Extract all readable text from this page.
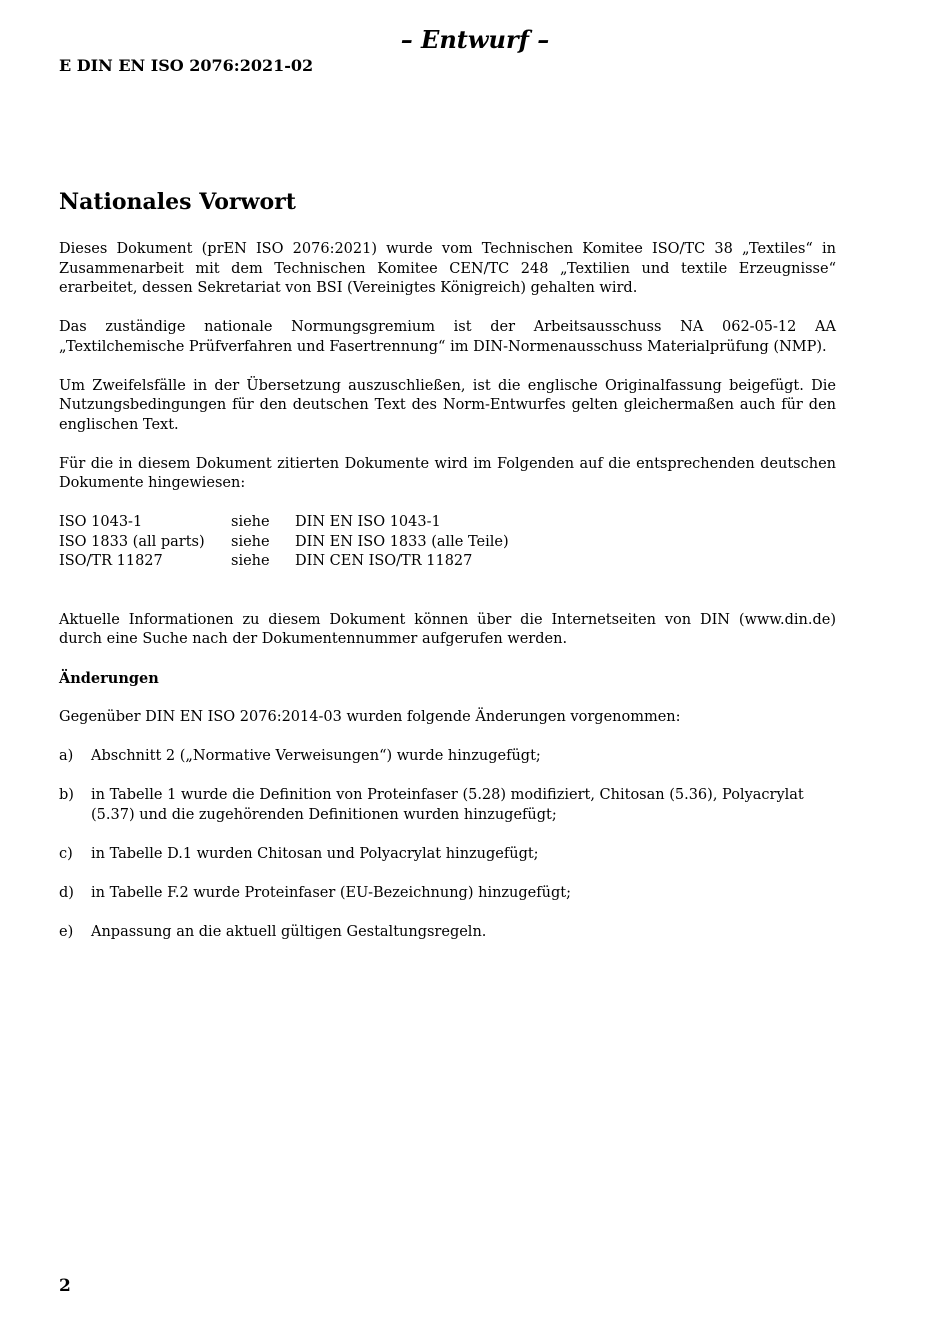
– Entwurf –
E DIN EN ISO 2076:2021-02
Nationales Vorwort

Dieses Dokument (prEN ISO 2076:2021) wurde vom Technischen Komitee ISO/TC 38 „Textiles“ in Zusammenarbeit mit dem Technischen Komitee CEN/TC 248 „Textilien und textile Erzeugnisse“ erarbeitet, dessen Sekretariat von BSI (Vereinigtes Königreich) gehalten wird.

Das zuständige nationale Normungsgremium ist der Arbeitsausschuss NA 062-05-12 AA „Textilchemische Prüfverfahren und Fasertrennung“ im DIN-Normenausschuss Materialprüfung (NMP).

Um Zweifelsfälle in der Übersetzung auszuschließen, ist die englische Originalfassung beigefügt. Die Nutzungsbedingungen für den deutschen Text des Norm-Entwurfes gelten gleichermaßen auch für den englischen Text.

Für die in diesem Dokument zitierten Dokumente wird im Folgenden auf die entsprechenden deutschen Dokumente hingewiesen:

ISO 1043-1	siehe	DIN EN ISO 1043-1
ISO 1833 (all parts)	siehe	DIN EN ISO 1833 (alle Teile)
ISO/TR 11827	siehe	DIN CEN ISO/TR 11827

Aktuelle Informationen zu diesem Dokument können über die Internetseiten von DIN (www.din.de) durch eine Suche nach der Dokumentennummer aufgerufen werden.

Änderungen

Gegenüber DIN EN ISO 2076:2014-03 wurden folgende Änderungen vorgenommen:

a)	Abschnitt 2 („Normative Verweisungen“) wurde hinzugefügt;
b)	in Tabelle 1 wurde die Definition von Proteinfaser (5.28) modifiziert, Chitosan (5.36), Polyacrylat (5.37) und die zugehörenden Definitionen wurden hinzugefügt;
c)	in Tabelle D.1 wurden Chitosan und Polyacrylat hinzugefügt;
d)	in Tabelle F.2 wurde Proteinfaser (EU-Bezeichnung) hinzugefügt;
e)	Anpassung an die aktuell gültigen Gestaltungsregeln.
2
